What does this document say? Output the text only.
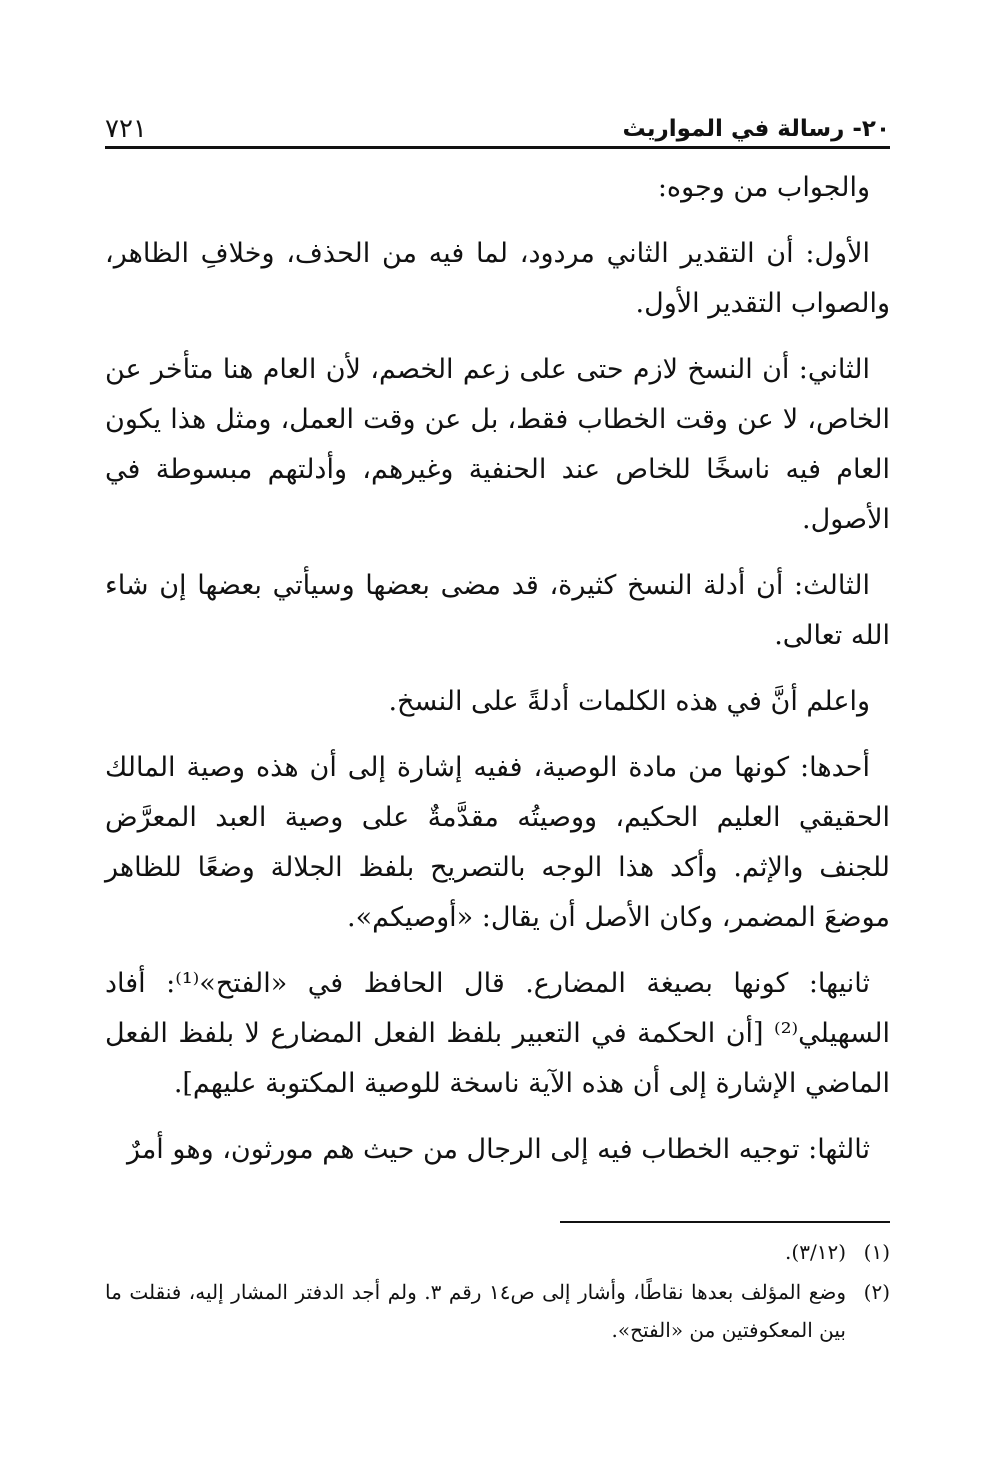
٢٠- رسالة في المواريث
٧٢١

والجواب من وجوه:

الأول: أن التقدير الثاني مردود، لما فيه من الحذف، وخلافِ الظاهر، والصواب التقدير الأول.

الثاني: أن النسخ لازم حتى على زعم الخصم، لأن العام هنا متأخر عن الخاص، لا عن وقت الخطاب فقط، بل عن وقت العمل، ومثل هذا يكون العام فيه ناسخًا للخاص عند الحنفية وغيرهم، وأدلتهم مبسوطة في الأصول.

الثالث: أن أدلة النسخ كثيرة، قد مضى بعضها وسيأتي بعضها إن شاء الله تعالى.

واعلم أنَّ في هذه الكلمات أدلةً على النسخ.

أحدها: كونها من مادة الوصية، ففيه إشارة إلى أن هذه وصية المالك الحقيقي العليم الحكيم، ووصيتُه مقدَّمةٌ على وصية العبد المعرَّض للجنف والإثم. وأكد هذا الوجه بالتصريح بلفظ الجلالة وضعًا للظاهر موضعَ المضمر، وكان الأصل أن يقال: «أوصيكم».

ثانيها: كونها بصيغة المضارع. قال الحافظ في «الفتح»⁽¹⁾: أفاد السهيلي⁽²⁾ [أن الحكمة في التعبير بلفظ الفعل المضارع لا بلفظ الفعل الماضي الإشارة إلى أن هذه الآية ناسخة للوصية المكتوبة عليهم].

ثالثها: توجيه الخطاب فيه إلى الرجال من حيث هم مورثون، وهو أمرٌ

(١)
(٣/١٢).
(٢)
وضع المؤلف بعدها نقاطًا، وأشار إلى ص١٤ رقم ٣. ولم أجد الدفتر المشار إليه، فنقلت ما بين المعكوفتين من «الفتح».
